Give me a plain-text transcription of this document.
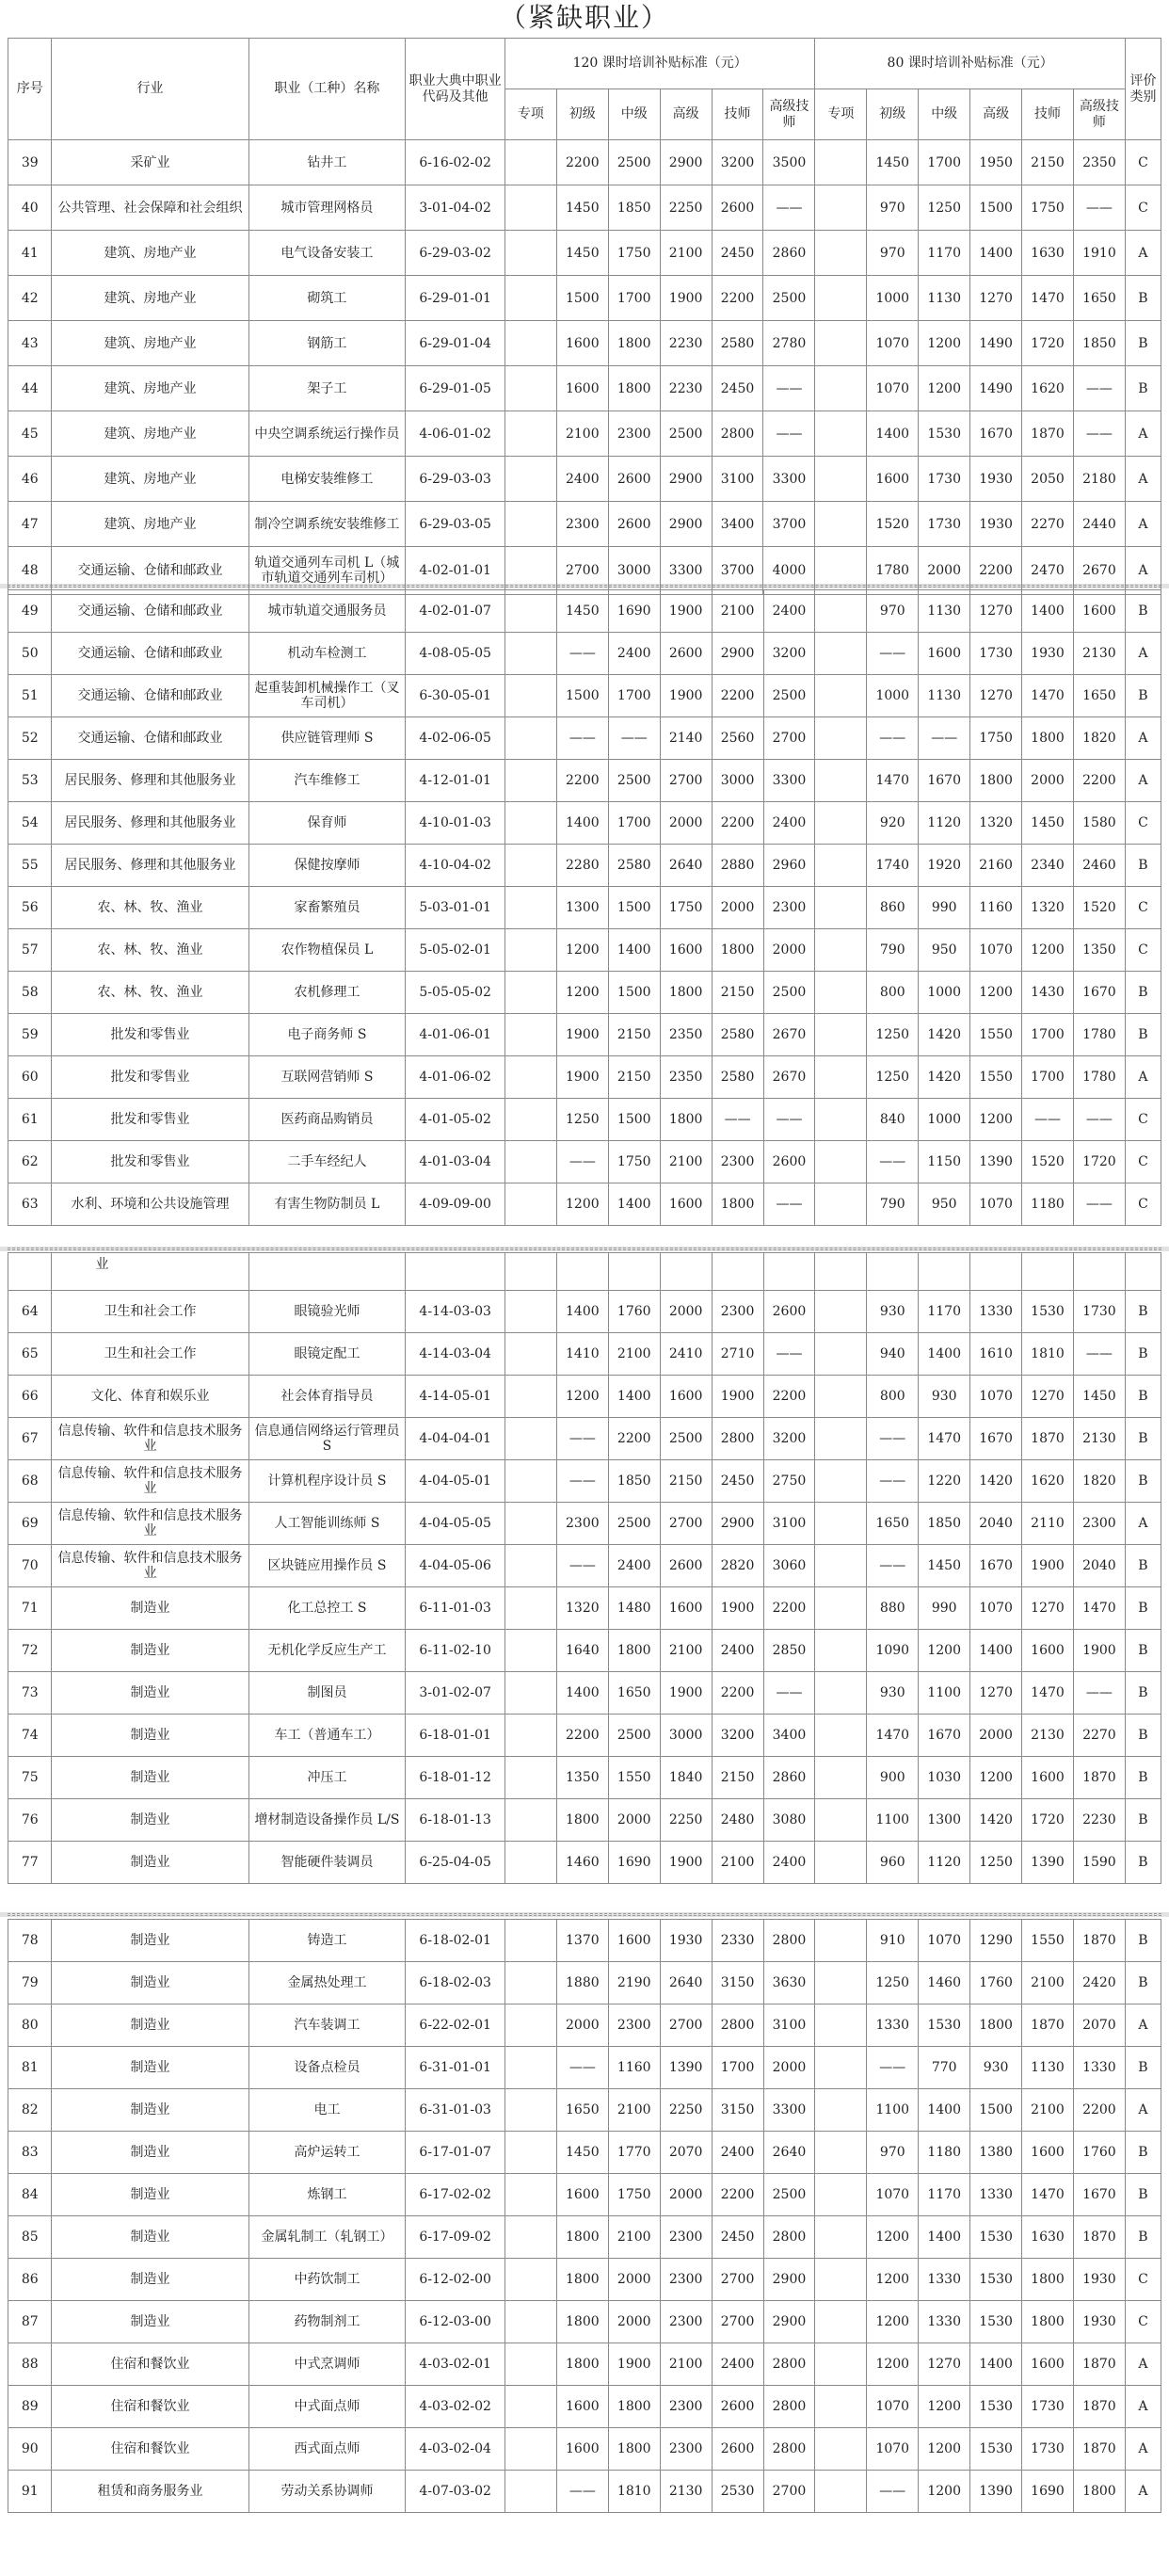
（紧缺职业）
序号	行业	职业（工种）名称	职业大典中职业代码及其他	120 课时培训补贴标准（元）						80 课时培训补贴标准（元）						评价类别
				专项	初级	中级	高级	技师	高级技师	专项	初级	中级	高级	技师	高级技师	
39	采矿业	钻井工	6-16-02-02		2200	2500	2900	3200	3500		1450	1700	1950	2150	2350	C
40	公共管理、社会保障和社会组织	城市管理网格员	3-01-04-02		1450	1850	2250	2600	——		970	1250	1500	1750	——	C
41	建筑、房地产业	电气设备安装工	6-29-03-02		1450	1750	2100	2450	2860		970	1170	1400	1630	1910	A
42	建筑、房地产业	砌筑工	6-29-01-01		1500	1700	1900	2200	2500		1000	1130	1270	1470	1650	B
43	建筑、房地产业	钢筋工	6-29-01-04		1600	1800	2230	2580	2780		1070	1200	1490	1720	1850	B
44	建筑、房地产业	架子工	6-29-01-05		1600	1800	2230	2450	——		1070	1200	1490	1620	——	B
45	建筑、房地产业	中央空调系统运行操作员	4-06-01-02		2100	2300	2500	2800	——		1400	1530	1670	1870	——	A
46	建筑、房地产业	电梯安装维修工	6-29-03-03		2400	2600	2900	3100	3300		1600	1730	1930	2050	2180	A
47	建筑、房地产业	制冷空调系统安装维修工	6-29-03-05		2300	2600	2900	3400	3700		1520	1730	1930	2270	2440	A
48	交通运输、仓储和邮政业	轨道交通列车司机 L（城市轨道交通列车司机）	4-02-01-01		2700	3000	3300	3700	4000		1780	2000	2200	2470	2670	A
49	交通运输、仓储和邮政业	城市轨道交通服务员	4-02-01-07		1450	1690	1900	2100	2400		970	1130	1270	1400	1600	B
50	交通运输、仓储和邮政业	机动车检测工	4-08-05-05		——	2400	2600	2900	3200		——	1600	1730	1930	2130	A
51	交通运输、仓储和邮政业	起重装卸机械操作工（叉车司机）	6-30-05-01		1500	1700	1900	2200	2500		1000	1130	1270	1470	1650	B
52	交通运输、仓储和邮政业	供应链管理师 S	4-02-06-05		——	——	2140	2560	2700		——	——	1750	1800	1820	A
53	居民服务、修理和其他服务业	汽车维修工	4-12-01-01		2200	2500	2700	3000	3300		1470	1670	1800	2000	2200	A
54	居民服务、修理和其他服务业	保育师	4-10-01-03		1400	1700	2000	2200	2400		920	1120	1320	1450	1580	C
55	居民服务、修理和其他服务业	保健按摩师	4-10-04-02		2280	2580	2640	2880	2960		1740	1920	2160	2340	2460	B
56	农、林、牧、渔业	家畜繁殖员	5-03-01-01		1300	1500	1750	2000	2300		860	990	1160	1320	1520	C
57	农、林、牧、渔业	农作物植保员 L	5-05-02-01		1200	1400	1600	1800	2000		790	950	1070	1200	1350	C
58	农、林、牧、渔业	农机修理工	5-05-05-02		1200	1500	1800	2150	2500		800	1000	1200	1430	1670	B
59	批发和零售业	电子商务师 S	4-01-06-01		1900	2150	2350	2580	2670		1250	1420	1550	1700	1780	B
60	批发和零售业	互联网营销师 S	4-01-06-02		1900	2150	2350	2580	2670		1250	1420	1550	1700	1780	A
61	批发和零售业	医药商品购销员	4-01-05-02		1250	1500	1800	——	——		840	1000	1200	——	——	C
62	批发和零售业	二手车经纪人	4-01-03-04		——	1750	2100	2300	2600		——	1150	1390	1520	1720	C
63	水利、环境和公共设施管理	有害生物防制员 L	4-09-09-00		1200	1400	1600	1800	——		790	950	1070	1180	——	C
	业															
64	卫生和社会工作	眼镜验光师	4-14-03-03		1400	1760	2000	2300	2600		930	1170	1330	1530	1730	B
65	卫生和社会工作	眼镜定配工	4-14-03-04		1410	2100	2410	2710	——		940	1400	1610	1810	——	B
66	文化、体育和娱乐业	社会体育指导员	4-14-05-01		1200	1400	1600	1900	2200		800	930	1070	1270	1450	B
67	信息传输、软件和信息技术服务业	信息通信网络运行管理员 S	4-04-04-01		——	2200	2500	2800	3200		——	1470	1670	1870	2130	B
68	信息传输、软件和信息技术服务业	计算机程序设计员 S	4-04-05-01		——	1850	2150	2450	2750		——	1220	1420	1620	1820	B
69	信息传输、软件和信息技术服务业	人工智能训练师 S	4-04-05-05		2300	2500	2700	2900	3100		1650	1850	2040	2110	2300	A
70	信息传输、软件和信息技术服务业	区块链应用操作员 S	4-04-05-06		——	2400	2600	2820	3060		——	1450	1670	1900	2040	B
71	制造业	化工总控工 S	6-11-01-03		1320	1480	1600	1900	2200		880	990	1070	1270	1470	B
72	制造业	无机化学反应生产工	6-11-02-10		1640	1800	2100	2400	2850		1090	1200	1400	1600	1900	B
73	制造业	制图员	3-01-02-07		1400	1650	1900	2200	——		930	1100	1270	1470	——	B
74	制造业	车工（普通车工）	6-18-01-01		2200	2500	3000	3200	3400		1470	1670	2000	2130	2270	B
75	制造业	冲压工	6-18-01-12		1350	1550	1840	2150	2860		900	1030	1200	1600	1870	B
76	制造业	增材制造设备操作员 L/S	6-18-01-13		1800	2000	2250	2480	3080		1100	1300	1420	1720	2230	B
77	制造业	智能硬件装调员	6-25-04-05		1460	1690	1900	2100	2400		960	1120	1250	1390	1590	B
78	制造业	铸造工	6-18-02-01		1370	1600	1930	2330	2800		910	1070	1290	1550	1870	B
79	制造业	金属热处理工	6-18-02-03		1880	2190	2640	3150	3630		1250	1460	1760	2100	2420	B
80	制造业	汽车装调工	6-22-02-01		2000	2300	2700	2800	3100		1330	1530	1800	1870	2070	A
81	制造业	设备点检员	6-31-01-01		——	1160	1390	1700	2000		——	770	930	1130	1330	B
82	制造业	电工	6-31-01-03		1650	2100	2250	3150	3300		1100	1400	1500	2100	2200	A
83	制造业	高炉运转工	6-17-01-07		1450	1770	2070	2400	2640		970	1180	1380	1600	1760	B
84	制造业	炼钢工	6-17-02-02		1600	1750	2000	2200	2500		1070	1170	1330	1470	1670	B
85	制造业	金属轧制工（轧钢工）	6-17-09-02		1800	2100	2300	2450	2800		1200	1400	1530	1630	1870	B
86	制造业	中药饮制工	6-12-02-00		1800	2000	2300	2700	2900		1200	1330	1530	1800	1930	C
87	制造业	药物制剂工	6-12-03-00		1800	2000	2300	2700	2900		1200	1330	1530	1800	1930	C
88	住宿和餐饮业	中式烹调师	4-03-02-01		1800	1900	2100	2400	2800		1200	1270	1400	1600	1870	A
89	住宿和餐饮业	中式面点师	4-03-02-02		1600	1800	2300	2600	2800		1070	1200	1530	1730	1870	A
90	住宿和餐饮业	西式面点师	4-03-02-04		1600	1800	2300	2600	2800		1070	1200	1530	1730	1870	A
91	租赁和商务服务业	劳动关系协调师	4-07-03-02		——	1810	2130	2530	2700		——	1200	1390	1690	1800	A
